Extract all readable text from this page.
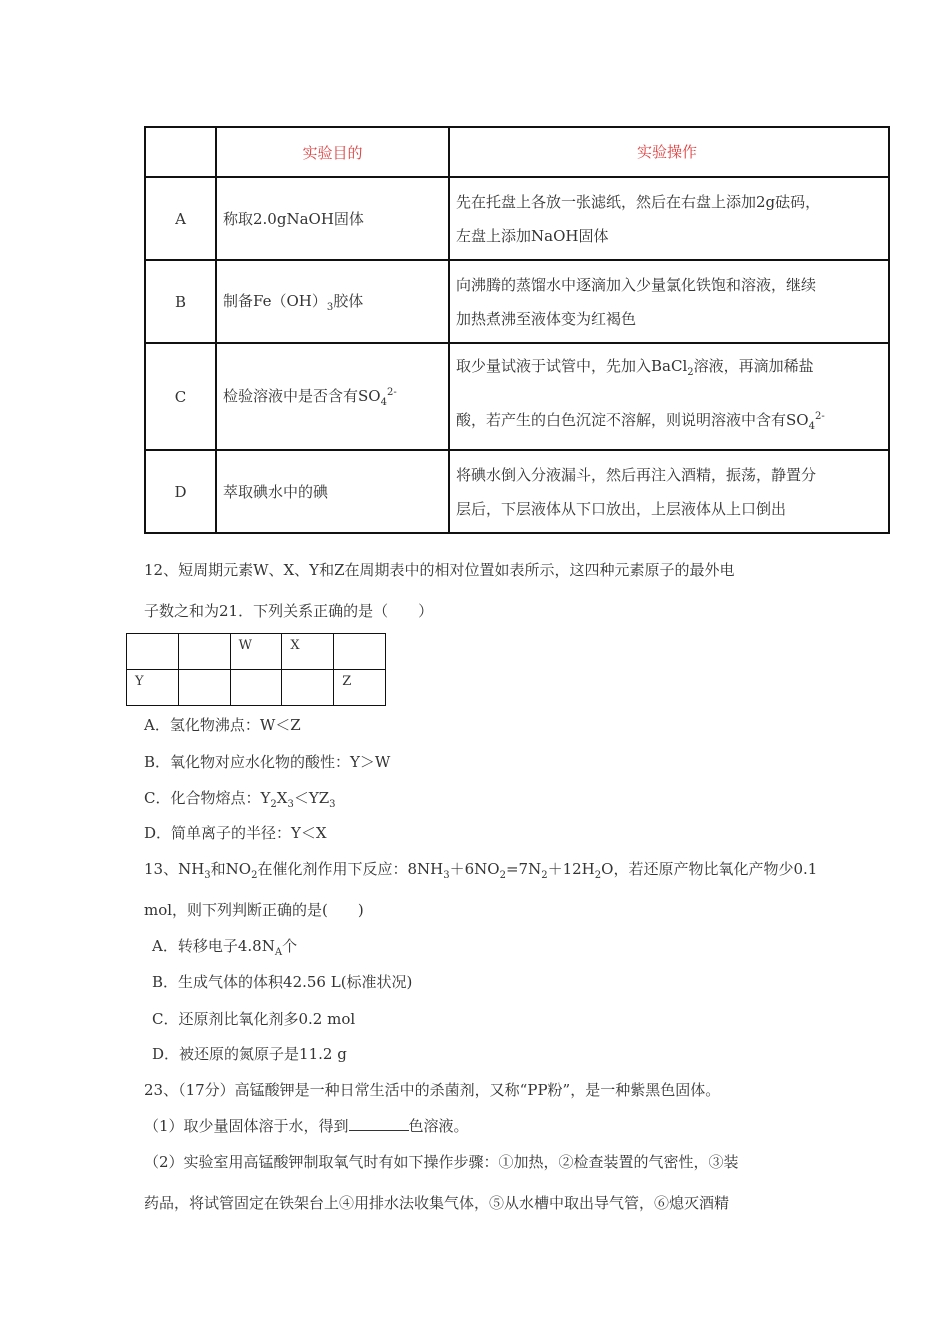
	实验目的	实验操作
A	称取2.0gNaOH固体	先在托盘上各放一张滤纸，然后在右盘上添加2g砝码，
左盘上添加NaOH固体

B	制备$Fe(OH)_3$胶体	向沸腾的蒸馏水中逐滴加入少量氯化铁饱和溶液，继续
加热煮沸至液体变为红褐色

C	检验溶液中是否含有$SO_4^{2-}$	取少量试液于试管中，先加入BaCl$_2$溶液，再滴加稀盐
酸，若产生的白色沉淀不溶解，则说明溶液中含有$SO_4^{2-}$

D	萃取碘水中的碘	将碘水倒入分液漏斗，然后再注入酒精，振荡，静置分
层后，下层液体从下口放出，上层液体从上口倒出
12、短周期元素W、X、Y和Z在周期表中的相对位置如表所示，这四种元素原子的最外电
子数之和为21．下列关系正确的是（　　）
		W	X	
Y				Z
A．氢化物沸点：W＜Z
B．氧化物对应水化物的酸性：Y＞W
C．化合物熔点：$Y_2X_3<YZ_3$
D．简单离子的半径：Y＜X
13、$NH_3$和$NO_2$在催化剂作用下反应：$8NH_3+6NO_2=7N_2+12H_2O$，若还原产物比氧化产物少0.1
mol，则下列判断正确的是(　　)
A．转移电子$4.8N_A$个
B．生成气体的体积42.56 L(标准状况)
C．还原剂比氧化剂多0.2 mol
D．被还原的氮原子是11.2 g
23、（17分）高锰酸钾是一种日常生活中的杀菌剂，又称“PP粉”，是一种紫黑色固体。
（1）取少量固体溶于水，得到	色溶液。
（2）实验室用高锰酸钾制取氧气时有如下操作步骤：①加热，②检查装置的气密性，③装
药品，将试管固定在铁架台上④用排水法收集气体，⑤从水槽中取出导气管，⑥熄灭酒精
